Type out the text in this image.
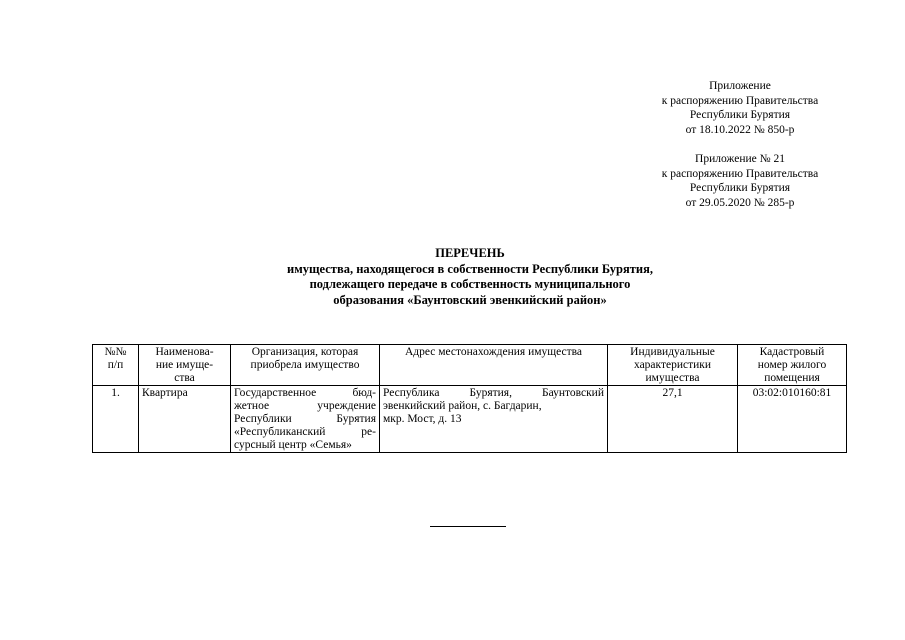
Приложение
к распоряжению Правительства
Республики Бурятия
от 18.10.2022 № 850-р
Приложение № 21
к распоряжению Правительства
Республики Бурятия
от 29.05.2020 № 285-р
ПЕРЕЧЕНЬ
имущества, находящегося в собственности Республики Бурятия,
подлежащего передаче в собственность муниципального
образования «Баунтовский эвенкийский район»
№№
п/п	Наименова-
ние имуще-
ства	Организация, которая
приобрела имущество	Адрес местонахождения имущества	Индивидуальные
характеристики
имущества	Кадастровый
номер жилого
помещения

1.	Квартира	Государственное бюд-
жетное учреждение
Республики Бурятия
«Республиканский ре-
сурсный центр «Семья»	Республика Бурятия, Баунтовский
эвенкийский район, с. Багдарин,
мкр. Мост, д. 13	27,1	03:02:010160:81
